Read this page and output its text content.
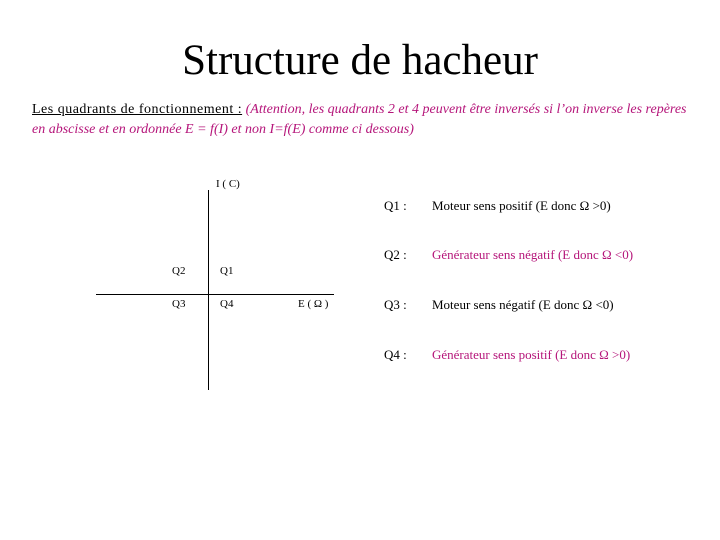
Structure de hacheur
Les quadrants de fonctionnement : (Attention, les quadrants 2 et 4 peuvent être inversés si l’on inverse les repères en abscisse et en ordonnée E = f(I) et non I=f(E) comme ci dessous)
I ( C)
E ( Ω )
Q2	Q1
Q3	Q4
Q1 : Moteur sens positif (E donc Ω >0)
Q2 : Générateur sens négatif (E donc Ω <0)
Q3 : Moteur sens négatif (E donc Ω <0)
Q4 : Générateur sens positif (E donc Ω >0)
